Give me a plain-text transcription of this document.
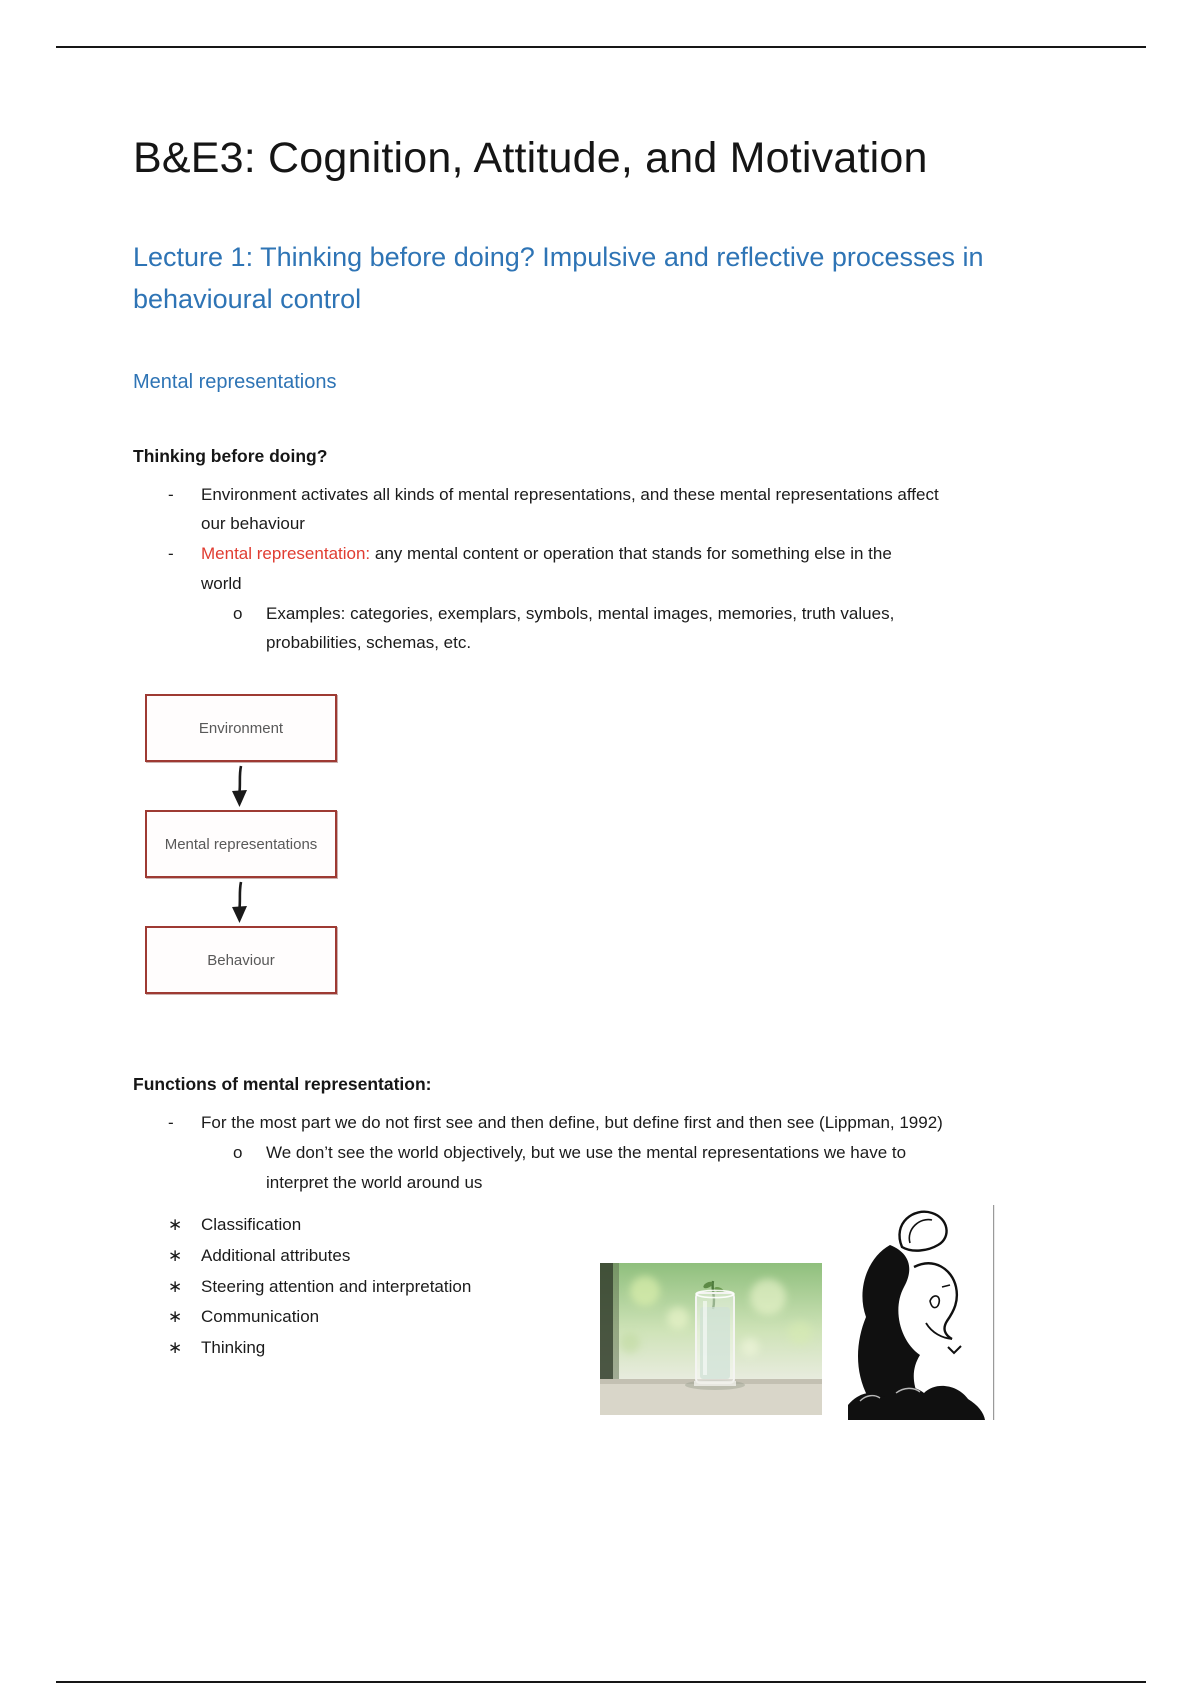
B&E3: Cognition, Attitude, and Motivation
Lecture 1: Thinking before doing? Impulsive and reflective processes in behavioural control
Mental representations

Thinking before doing?

-	Environment activates all kinds of mental representations, and these mental representations affect our behaviour
-	Mental representation: any mental content or operation that stands for something else in the world
o	Examples: categories, exemplars, symbols, mental images, memories, truth values, probabilities, schemas, etc.
Environment
Mental representations
Behaviour

Functions of mental representation:

-	For the most part we do not first see and then define, but define first and then see (Lippman, 1992)
o	We don’t see the world objectively, but we use the mental representations we have to interpret the world around us
∗	Classification
∗	Additional attributes
∗	Steering attention and interpretation
∗	Communication
∗	Thinking
